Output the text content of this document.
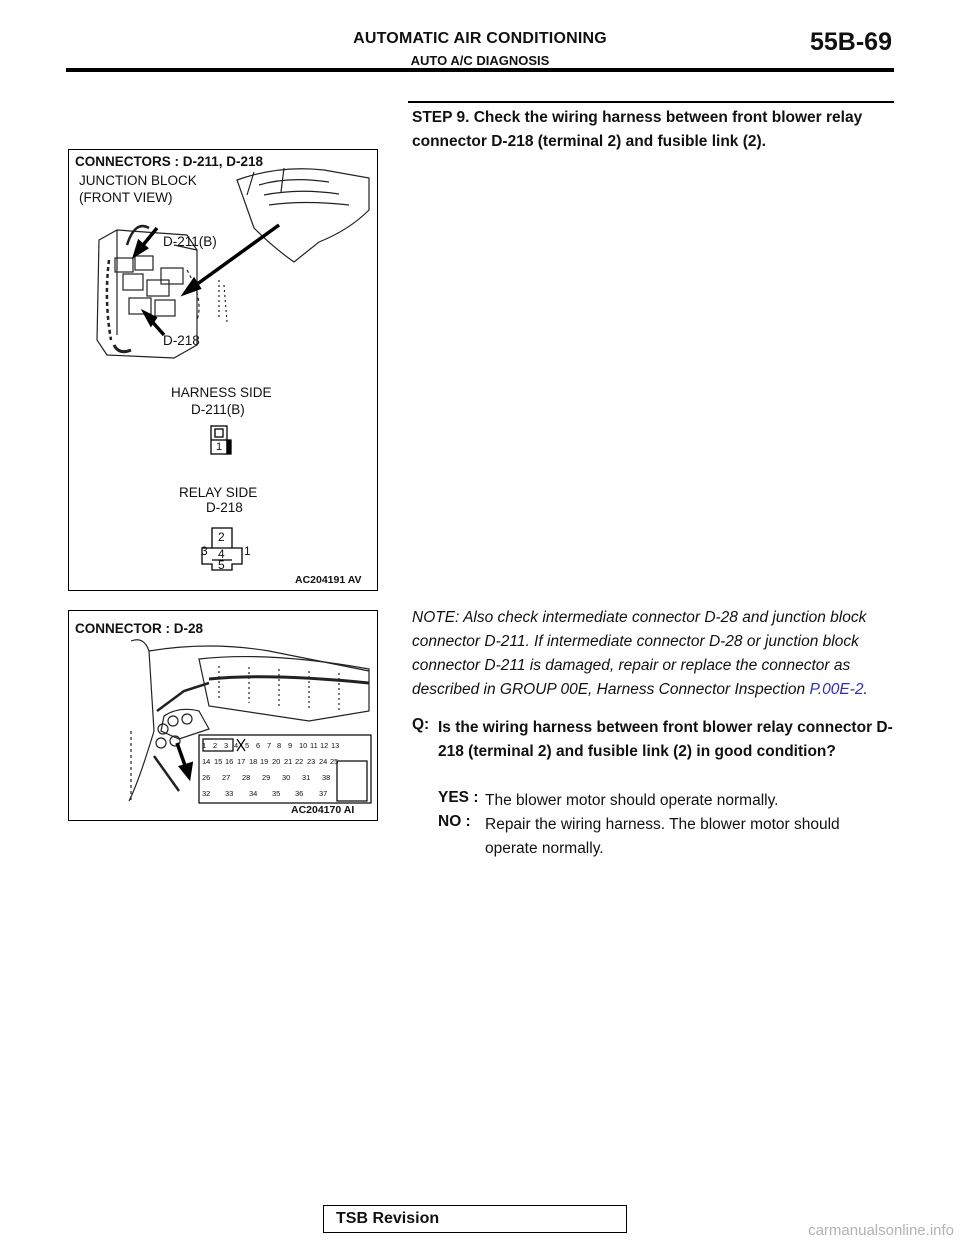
AUTOMATIC AIR CONDITIONING
AUTO A/C DIAGNOSIS
55B-69
STEP 9. Check the wiring harness between front blower relay connector D-218 (terminal 2) and fusible link (2).
CONNECTORS : D-211, D-218
JUNCTION BLOCK
(FRONT VIEW)
D-211(B)
D-218
HARNESS SIDE
D-211(B)
1
RELAY SIDE
D-218
1
2
3 4
5
AC204191 AV
CONNECTOR : D-28
1 2 3 4 5 6 7 8 9 10 11 12 13
14 15 16 17 18 19 20 21 22 23 24 25
26 27 28 29 30 31 38
32 33 34 35 36 37
AC204170 AI
NOTE: Also check intermediate connector D-28 and junction block connector D-211. If intermediate connector D-28 or junction block connector D-211 is damaged, repair or replace the connector as described in GROUP 00E, Harness Connector Inspection P.00E-2.
Q: Is the wiring harness between front blower relay connector D-218 (terminal 2) and fusible link (2) in good condition?
YES : The blower motor should operate normally.
NO : Repair the wiring harness. The blower motor should operate normally.
TSB Revision
carmanualsonline.info
